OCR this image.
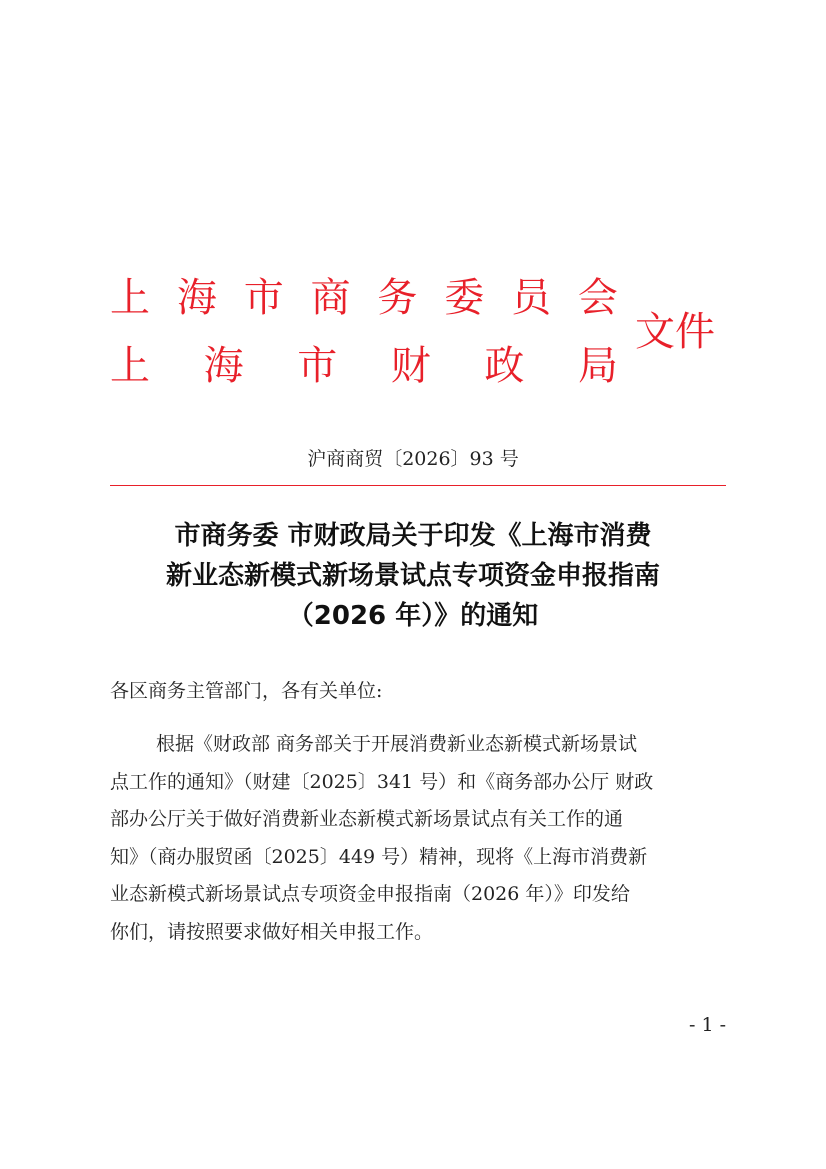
上 海 市 商 务 委 员 会
上 海 市 财 政 局
文件
沪商商贸〔2026〕93 号
市商务委 市财政局关于印发《上海市消费
新业态新模式新场景试点专项资金申报指南
（2026 年）》的通知
各区商务主管部门，各有关单位:
根据《财政部 商务部关于开展消费新业态新模式新场景试
点工作的通知》（财建〔2025〕341 号）和《商务部办公厅 财政
部办公厅关于做好消费新业态新模式新场景试点有关工作的通
知》（商办服贸函〔2025〕449 号）精神，现将《上海市消费新
业态新模式新场景试点专项资金申报指南（2026 年）》印发给
你们，请按照要求做好相关申报工作。
- 1 -
